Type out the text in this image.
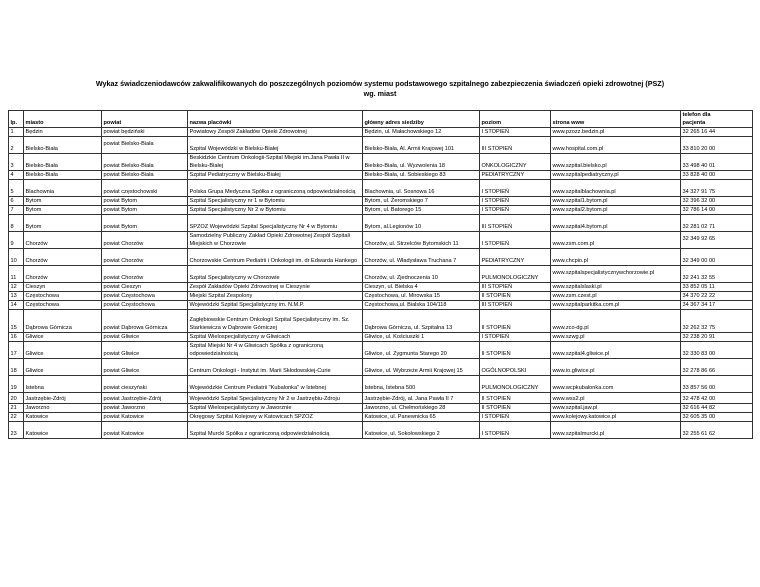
Wykaz świadczeniodawców zakwalifikowanych do poszczególnych poziomów systemu podstawowego szpitalnego zabezpieczenia świadczeń opieki zdrowotnej (PSZ)
wg. miast
lp.	miasto	powiat	nazwa placówki	główny adres siedziby	poziom	strona www	telefon dla
pacjenta

1	Będzin	powiat będziński	Powiatowy Zespół Zakładów Opieki Zdrowotnej	Będzin, ul. Małachowskiego 12	I STOPIEŃ	www.pzozz.bedzin.pl	32 265 16 44
2	Bielsko-Biała	powiat Bielsko-Biała	Szpital Wojewódzki w Bielsku-Białej	Bielsko-Biała, Al. Armii Krajowej 101	III STOPIEŃ	www.hospital.com.pl	33 810 20 00
3	Bielsko-Biała	powiat Bielsko-Biała	Beskidzkie Centrum Onkologii-Szpital Miejski im.Jana Pawła II w Bielsku-Białej	Bielsko-Biała, ul. Wyzwolenia 18	ONKOLOGICZNY	www.szpital.bielsko.pl	33 498 40 01
4	Bielsko-Biała	powiat Bielsko-Biała	Szpital Pediatryczny w Bielsku-Białej	Bielsko-Biała, ul. Sobieskiego 83	PEDIATRYCZNY	www.szpitalpediatryczny.pl	33 828 40 00
5	Blachownia	powiat częstochowski	Polska Grupa Medyczna Spółka z ograniczoną odpowiedzialnością	Blachownia, ul. Sosnowa 16	I STOPIEŃ	www.szpitalblachownia.pl	34 327 91 75
6	Bytom	powiat Bytom	Szpital Specjalistyczny nr 1 w Bytomiu	Bytom, ul. Żeromskiego 7	I STOPIEŃ	www.szpital1.bytom.pl	32 396 32 00
7	Bytom	powiat Bytom	Szpital Specjalistyczny Nr 2 w Bytomiu	Bytom, ul. Batorego 15	I STOPIEŃ	www.szpital2.bytom.pl	32 786 14 00
8	Bytom	powiat Bytom	SPZOZ Wojewódzki Szpital Specjalistyczny Nr 4 w Bytomiu	Bytom, al.Legionów 10	III STOPIEŃ	www.szpital4.bytom.pl	32 281 02 71
9	Chorzów	powiat Chorzów	Samodzielny Publiczny Zakład Opieki Zdrowotnej Zespół Szpitali Miejskich w Chorzowie	Chorzów, ul. Strzelców Bytomskich 11	I STOPIEŃ	www.zsm.com.pl	32 349 92 65
10	Chorzów	powiat Chorzów	Chorzowskie Centrum Pediatrii i Onkologii im. dr Edwarda Hankego	Chorzów, ul. Władysława Truchana 7	PEDIATRYCZNY	www.chcpio.pl	32 349 00 00
11	Chorzów	powiat Chorzów	Szpital Specjalistyczny w Chorzowie	Chorzów, ul. Zjednoczenia 10	PULMONOLOGICZNY	www.szpitalspecjalistycznywchorzowie.pl	32 241 32 55
12	Cieszyn	powiat Cieszyn	Zespół Zakładów Opieki Zdrowotnej w Cieszynie	Cieszyn, ul. Bielska 4	III STOPIEŃ	www.szpitalslaski.pl	33 852 05 11
13	Częstochowa	powiat Częstochowa	Miejski Szpital Zespolony	Częstochowa, ul. Mirowska 15	II STOPIEŃ	www.zsm.czest.pl	34 370 22 22
14	Częstochowa	powiat Częstochowa	Wojewódzki Szpital Specjalistyczny im. N.M.P.	Częstochowa,ul. Bialska 104/118	III STOPIEŃ	www.szpitalparkitka.com.pl	34 367 34 17
15	Dąbrowa Górnicza	powiat Dąbrowa Górnicza	Zagłębiowskie Centrum Onkologii Szpital Specjalistyczny im. Sz. Starkiewicza w Dąbrowie Górniczej	Dąbrowa Górnicza, ul. Szpitalna 13	II STOPIEŃ	www.zco-dg.pl	32 262 32 75
16	Gliwice	powiat Gliwice	Szpital Wielospecjalistyczny w Gliwicach	Gliwice, ul. Kościuszki 1	I STOPIEŃ	www.szwg.pl	32 238 20 91
17	Gliwice	powiat Gliwice	Szpital Miejski Nr 4 w Gliwicach Spółka z ograniczoną odpowiedzialnością	Gliwice, ul. Zygmunta Starego 20	II STOPIEŃ	www.szpital4.gliwice.pl	32 330 83 00
18	Gliwice	powiat Gliwice	Centrum Onkologii - Instytut im. Marii Skłodowskiej-Curie	Gliwice, ul. Wybrzeże Armii Krajowej 15	OGÓLNOPOLSKI	www.io.gliwice.pl	32 278 86 66
19	Istebna	powiat cieszyński	Wojewódzkie Centrum Pediatrii "Kubalonka" w Istebnej	Istebna, Istebna 500	PULMONOLOGICZNY	www.wcpkubalonka.com	33 857 56 00
20	Jastrzębie-Zdrój	powiat Jastrzębie-Zdrój	Wojewódzki Szpital Specjalistyczny Nr 2 w Jastrzębiu-Zdroju	Jastrzębie-Zdrój, al. Jana Pawła II 7	II STOPIEŃ	www.wss2.pl	32 478 42 00
21	Jaworzno	powiat Jaworzno	Szpital Wielospecjalistyczny w Jaworznie	Jaworzno, ul. Chełmońskiego 28	II STOPIEŃ	www.szpital.jaw.pl	32 616 44 82
22	Katowice	powiat Katowice	Okręgowy Szpital Kolejowy w Katowicach SPZOZ	Katowice, ul. Panewnicka 65	I STOPIEŃ	www.kolejowy.katowice.pl	32 605 35 00
23	Katowice	powiat Katowice	Szpital Murcki Spółka z ograniczoną odpowiedzialnością	Katowice, ul. Sokołowskiego 2	I STOPIEŃ	www.szpitalmurcki.pl	32 255 61 62
